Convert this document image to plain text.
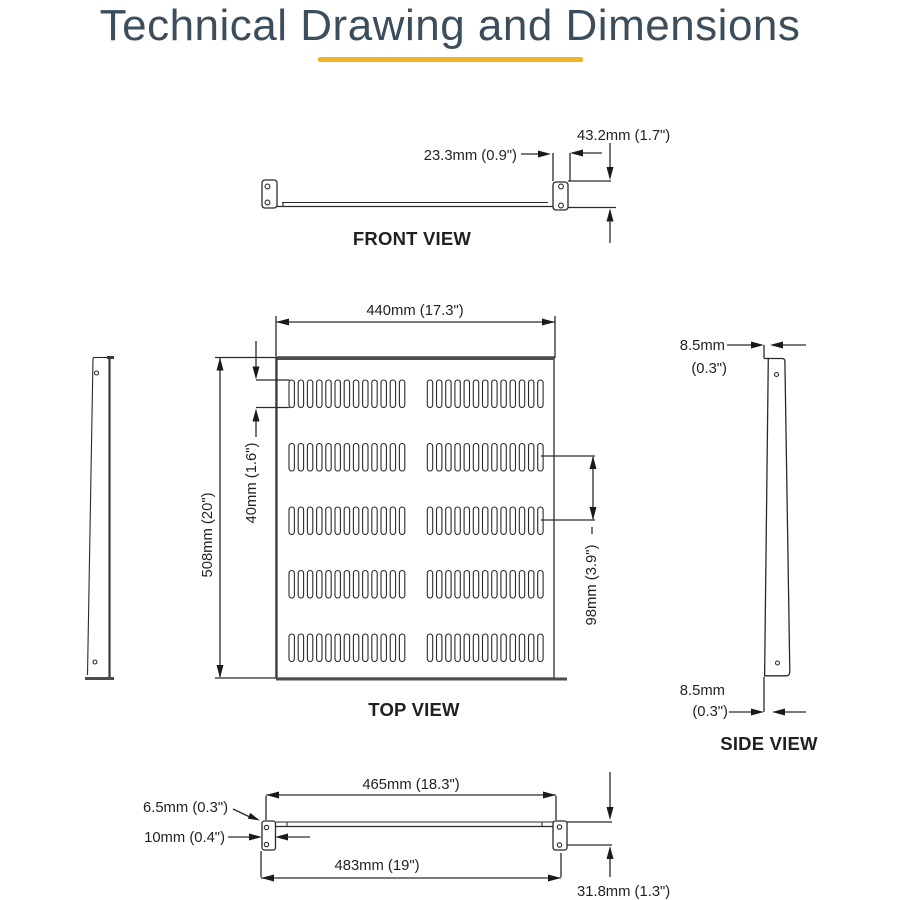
Technical Drawing and Dimensions
23.3mm (0.9")
43.2mm (1.7")
FRONT VIEW
440mm (17.3")
508mm (20")
40mm (1.6")
98mm (3.9")
TOP VIEW
8.5mm
(0.3")
8.5mm
(0.3")
SIDE VIEW
465mm (18.3")
483mm (19")
6.5mm (0.3")
10mm (0.4")
31.8mm (1.3")
